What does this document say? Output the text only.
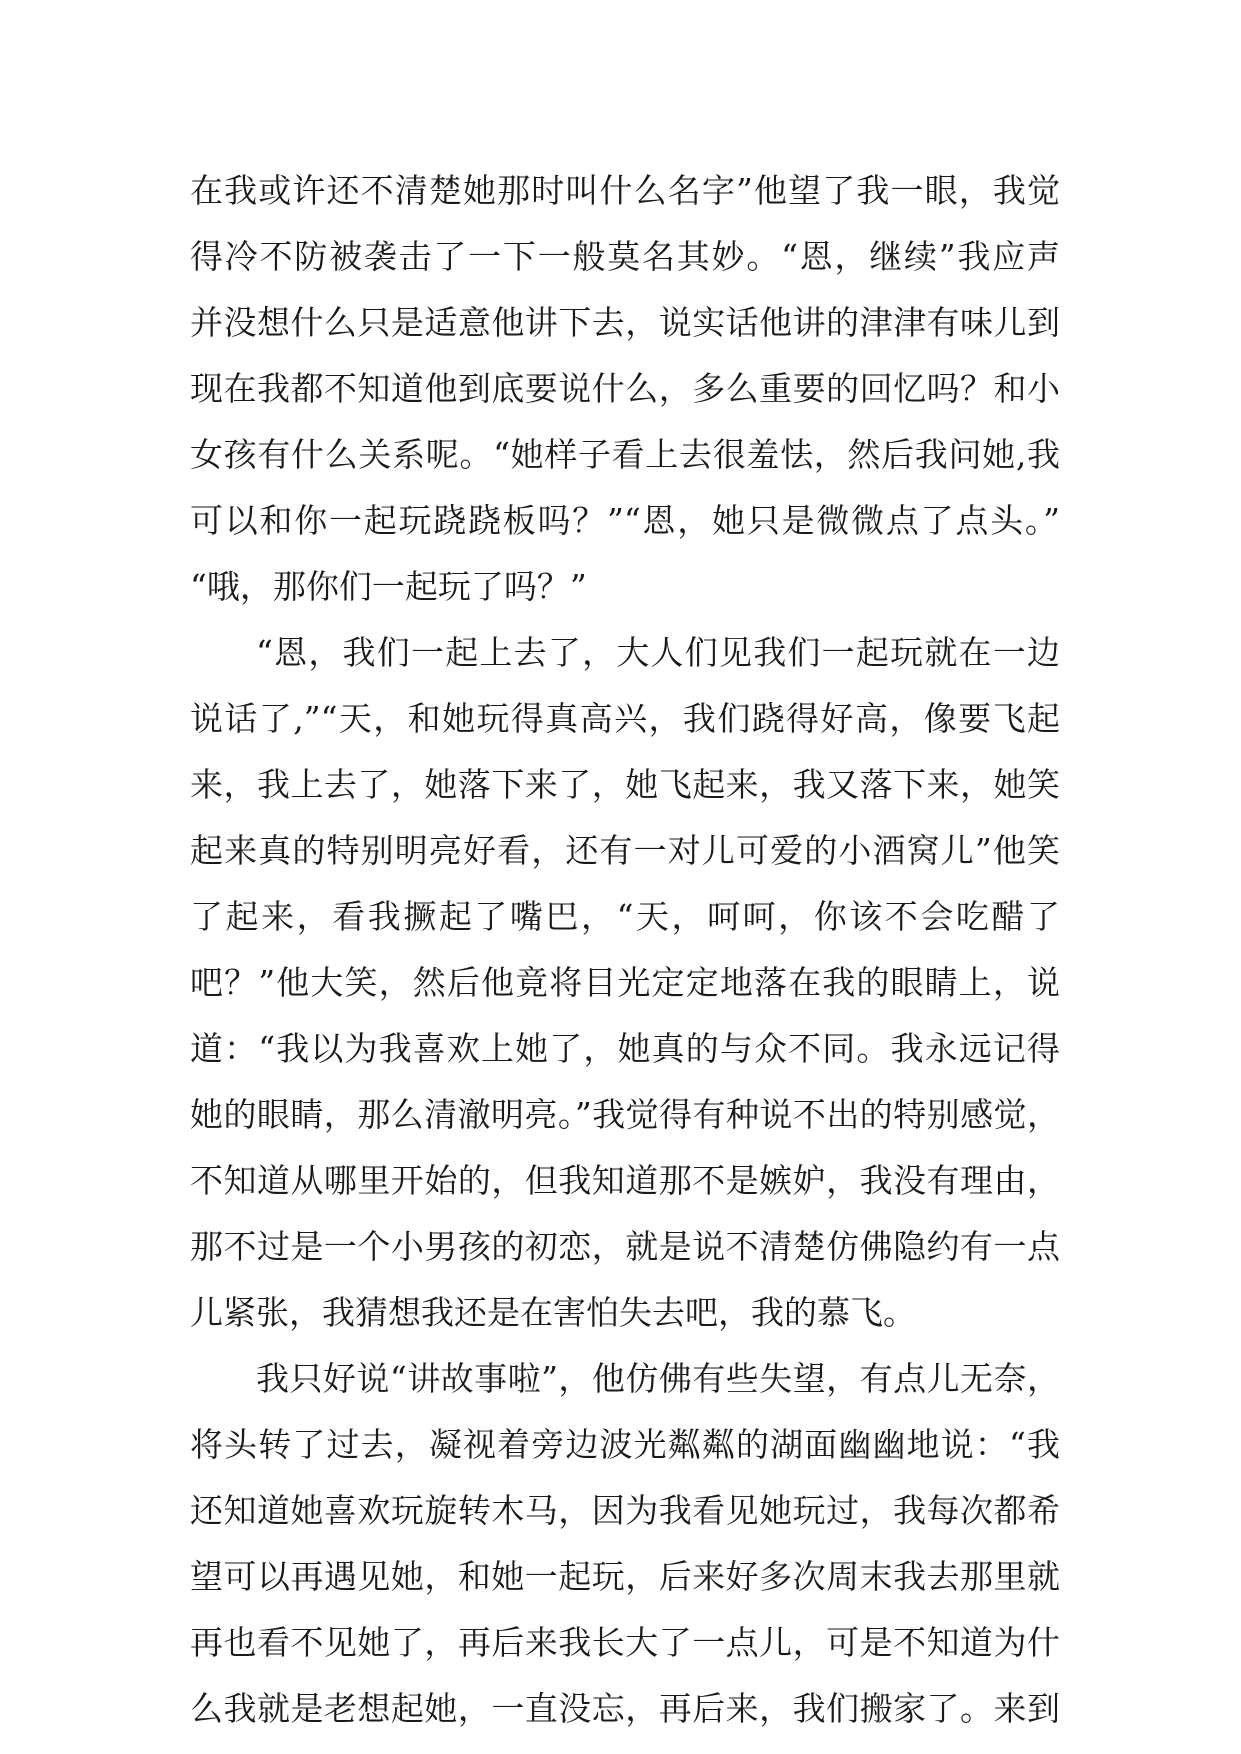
在我或许还不清楚她那时叫什么名字”他望了我一眼，我觉
得冷不防被袭击了一下一般莫名其妙。“恩，继续”我应声
并没想什么只是适意他讲下去，说实话他讲的津津有味儿到
现在我都不知道他到底要说什么，多么重要的回忆吗？和小
女孩有什么关系呢。“她样子看上去很羞怯，然后我问她,我
可以和你一起玩跷跷板吗？”“恩，她只是微微点了点头。”
“哦，那你们一起玩了吗？”
“恩，我们一起上去了，大人们见我们一起玩就在一边
说话了,”“天，和她玩得真高兴，我们跷得好高，像要飞起
来，我上去了，她落下来了，她飞起来，我又落下来，她笑
起来真的特别明亮好看，还有一对儿可爱的小酒窝儿”他笑
了起来，看我撅起了嘴巴，“天，呵呵，你该不会吃醋了
吧？”他大笑，然后他竟将目光定定地落在我的眼睛上，说
道：“我以为我喜欢上她了，她真的与众不同。我永远记得
她的眼睛，那么清澈明亮。”我觉得有种说不出的特别感觉，
不知道从哪里开始的，但我知道那不是嫉妒，我没有理由，
那不过是一个小男孩的初恋，就是说不清楚仿佛隐约有一点
儿紧张，我猜想我还是在害怕失去吧，我的慕飞。
我只好说“讲故事啦”，他仿佛有些失望，有点儿无奈，
将头转了过去，凝视着旁边波光粼粼的湖面幽幽地说：“我
还知道她喜欢玩旋转木马，因为我看见她玩过，我每次都希
望可以再遇见她，和她一起玩，后来好多次周末我去那里就
再也看不见她了，再后来我长大了一点儿，可是不知道为什
么我就是老想起她，一直没忘，再后来，我们搬家了。来到
